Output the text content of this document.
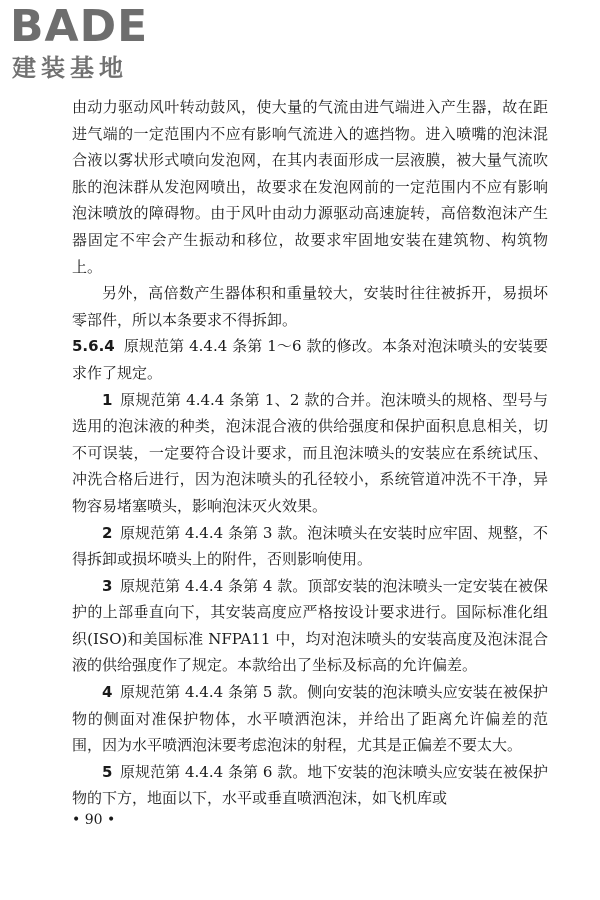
BADE
建装基地

由动力驱动风叶转动鼓风，使大量的气流由进气端进入产生器，故在距进气端的一定范围内不应有影响气流进入的遮挡物。进入喷嘴的泡沫混合液以雾状形式喷向发泡网，在其内表面形成一层液膜，被大量气流吹胀的泡沫群从发泡网喷出，故要求在发泡网前的一定范围内不应有影响泡沫喷放的障碍物。由于风叶由动力源驱动高速旋转，高倍数泡沫产生器固定不牢会产生振动和移位，故要求牢固地安装在建筑物、构筑物上。

另外，高倍数产生器体积和重量较大，安装时往往被拆开，易损坏零部件，所以本条要求不得拆卸。

5.6.4 原规范第 4.4.4 条第 1～6 款的修改。本条对泡沫喷头的安装要求作了规定。

1 原规范第 4.4.4 条第 1、2 款的合并。泡沫喷头的规格、型号与选用的泡沫液的种类，泡沫混合液的供给强度和保护面积息息相关，切不可误装，一定要符合设计要求，而且泡沫喷头的安装应在系统试压、冲洗合格后进行，因为泡沫喷头的孔径较小，系统管道冲洗不干净，异物容易堵塞喷头，影响泡沫灭火效果。

2 原规范第 4.4.4 条第 3 款。泡沫喷头在安装时应牢固、规整，不得拆卸或损坏喷头上的附件，否则影响使用。

3 原规范第 4.4.4 条第 4 款。顶部安装的泡沫喷头一定安装在被保护的上部垂直向下，其安装高度应严格按设计要求进行。国际标准化组织(ISO)和美国标准 NFPA11 中，均对泡沫喷头的安装高度及泡沫混合液的供给强度作了规定。本款给出了坐标及标高的允许偏差。

4 原规范第 4.4.4 条第 5 款。侧向安装的泡沫喷头应安装在被保护物的侧面对准保护物体，水平喷洒泡沫，并给出了距离允许偏差的范围，因为水平喷洒泡沫要考虑泡沫的射程，尤其是正偏差不要太大。

5 原规范第 4.4.4 条第 6 款。地下安装的泡沫喷头应安装在被保护物的下方，地面以下，水平或垂直喷洒泡沫，如飞机库或

• 90 •
